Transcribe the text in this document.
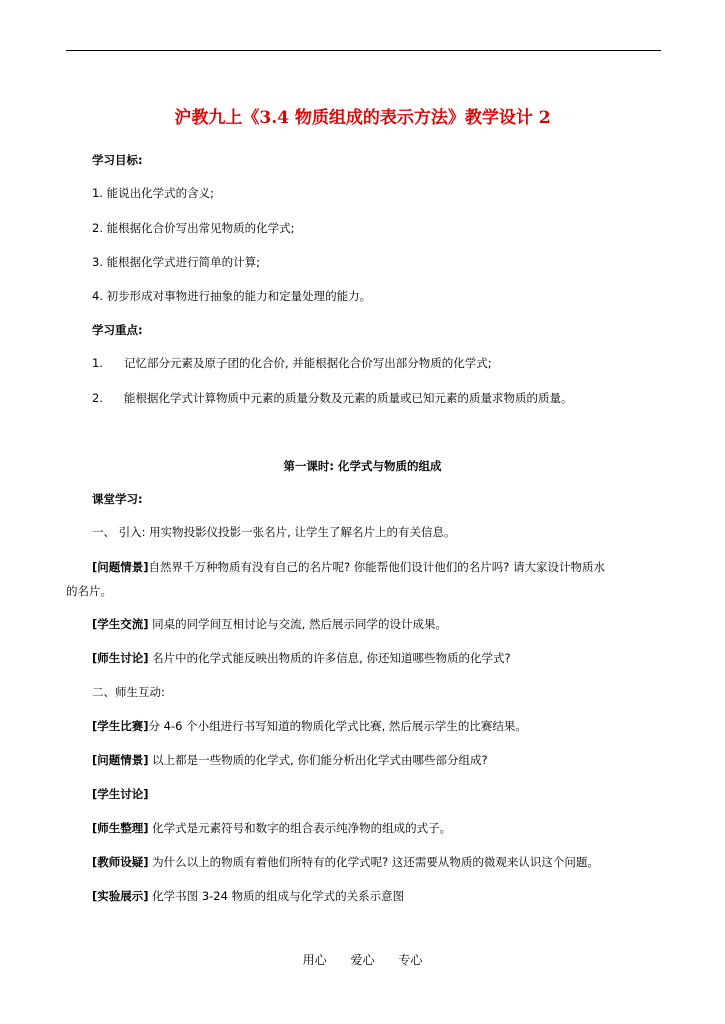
沪教九上《3.4 物质组成的表示方法》教学设计 2
学习目标:
1. 能说出化学式的含义;
2. 能根据化合价写出常见物质的化学式;
3. 能根据化学式进行简单的计算;
4. 初步形成对事物进行抽象的能力和定量处理的能力。
学习重点:
1. 记忆部分元素及原子团的化合价, 并能根据化合价写出部分物质的化学式;
2. 能根据化学式计算物质中元素的质量分数及元素的质量或已知元素的质量求物质的质量。
第一课时: 化学式与物质的组成
课堂学习:
一、 引入: 用实物投影仪投影一张名片, 让学生了解名片上的有关信息。
[问题情景]自然界千万种物质有没有自己的名片呢? 你能帮他们设计他们的名片吗? 请大家设计物质水
的名片。
[学生交流] 同桌的同学间互相讨论与交流, 然后展示同学的设计成果。
[师生讨论] 名片中的化学式能反映出物质的许多信息, 你还知道哪些物质的化学式?
二、师生互动:
[学生比赛]分 4-6 个小组进行书写知道的物质化学式比赛, 然后展示学生的比赛结果。
[问题情景] 以上都是一些物质的化学式, 你们能分析出化学式由哪些部分组成?
[学生讨论]
[师生整理] 化学式是元素符号和数字的组合表示纯净物的组成的式子。
[教师设疑] 为什么以上的物质有着他们所特有的化学式呢? 这还需要从物质的微观来认识这个问题。
[实验展示] 化学书图 3-24 物质的组成与化学式的关系示意图
用心 爱心 专心
